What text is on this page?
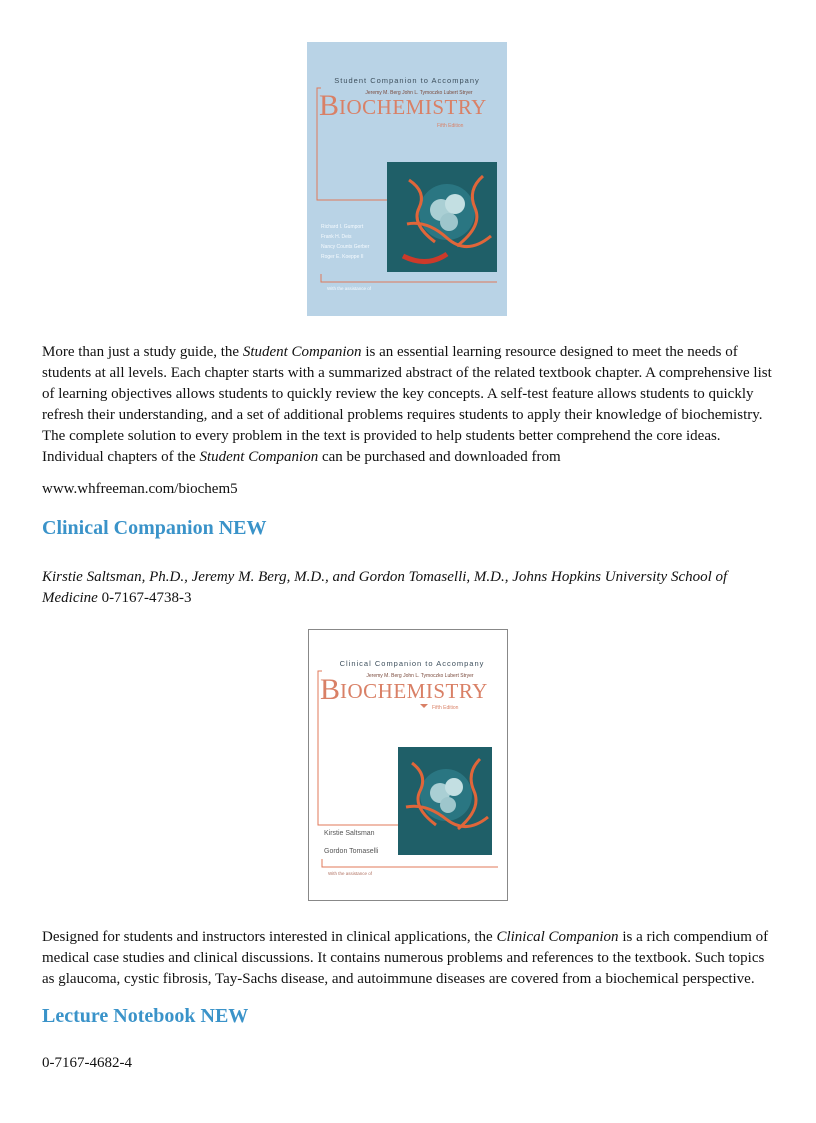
Student Companion to Accompany
Jeremy M. Berg John L. Tymoczko Lubert Stryer
B IOCHEMISTRY
Fifth Edition
Richard I. Gumport
Frank H. Deis
Nancy Counts Gerber
Roger E. Koeppe II
With the assistance of

More than just a study guide, the Student Companion is an essential learning resource designed to meet the needs of students at all levels. Each chapter starts with a summarized abstract of the related textbook chapter. A comprehensive list of learning objectives allows students to quickly review the key concepts. A self-test feature allows students to quickly refresh their understanding, and a set of additional problems requires students to apply their knowledge of biochemistry. The complete solution to every problem in the text is provided to help students better comprehend the core ideas. Individual chapters of the Student Companion can be purchased and downloaded from

www.whfreeman.com/biochem5

Clinical Companion NEW

Kirstie Saltsman, Ph.D., Jeremy M. Berg, M.D., and Gordon Tomaselli, M.D., Johns Hopkins University School of Medicine 0-7167-4738-3

Clinical Companion to Accompany
Jeremy M. Berg John L. Tymoczko Lubert Stryer
B IOCHEMISTRY
Fifth Edition
Kirstie Saltsman
Gordon Tomaselli
With the assistance of

Designed for students and instructors interested in clinical applications, the Clinical Companion is a rich compendium of medical case studies and clinical discussions. It contains numerous problems and references to the textbook. Such topics as glaucoma, cystic fibrosis, Tay-Sachs disease, and autoimmune diseases are covered from a biochemical perspective.

Lecture Notebook NEW

0-7167-4682-4
